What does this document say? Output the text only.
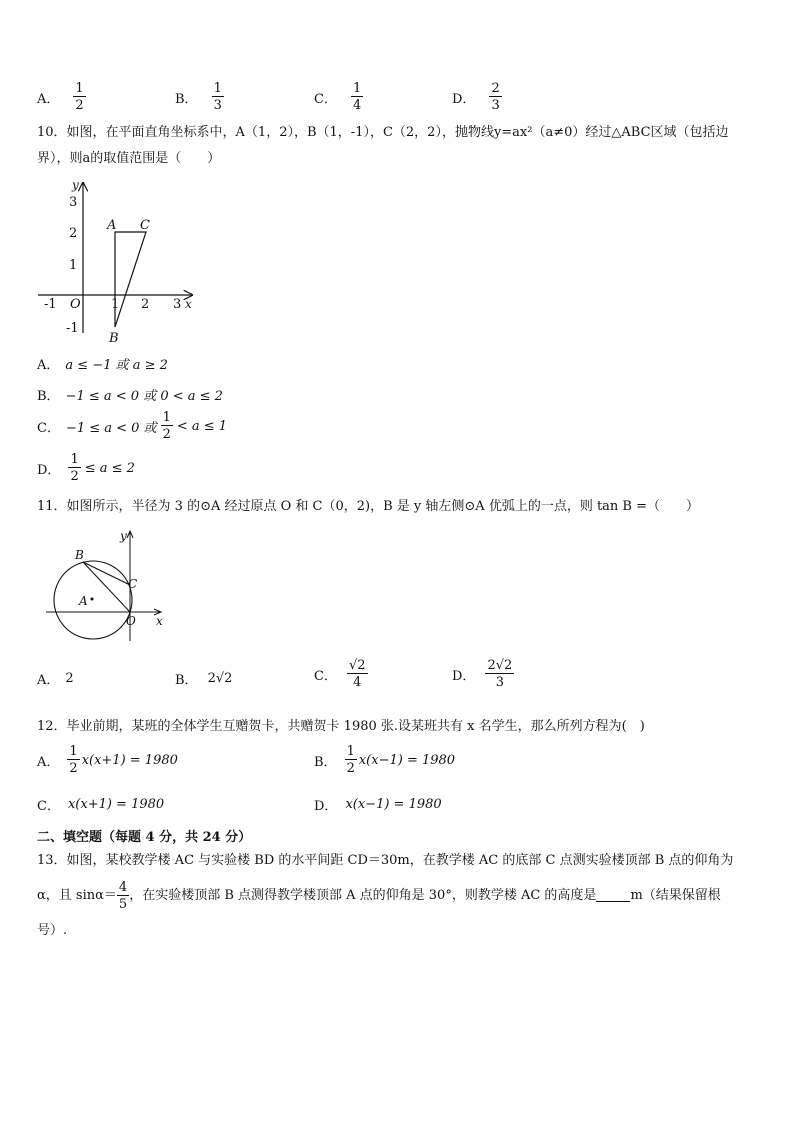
A． $\frac{1}{2}$	B． $\frac{1}{3}$	C． $\frac{1}{4}$	D． $\frac{2}{3}$
10．如图，在平面直角坐标系中，A（1，2），B（1，-1），C（2，2），抛物线y=ax²（a≠0）经过△ABC区域（包括边
界），则a的取值范围是（　　）
y
x
3
2
1
-1
-1 O 1 2 3
A C
B
A． a ≤ −1 或 a ≥ 2
B． −1 ≤ a < 0 或 0 < a ≤ 2
C． −1 ≤ a < 0 或 $\frac{1}{2} < a \le 1$
D． $\frac{1}{2} \le a \le 2$
11．如图所示，半径为 3 的⊙A 经过原点 O 和 C（0，2)，B 是 y 轴左侧⊙A 优弧上的一点，则 tan B =（　　）
y
x
B
C
A
O
A． 2	B． 2√2	C． $\frac{√2}{4}$	D． $\frac{2√2}{3}$
12．毕业前期，某班的全体学生互赠贺卡，共赠贺卡 1980 张.设某班共有 x 名学生，那么所列方程为(　)
A． $\frac{1}{2} x(x+1) = 1980$	B． $\frac{1}{2} x(x-1) = 1980$
C． x(x+1) = 1980	D． x(x−1) = 1980
二、填空题（每题 4 分，共 24 分）
13．如图，某校教学楼 AC 与实验楼 BD 的水平间距 CD＝30m，在教学楼 AC 的底部 C 点测实验楼顶部 B 点的仰角为
α，且 $\sin\alpha= \frac{4}{5}$ ，在实验楼顶部 B 点测得教学楼顶部 A 点的仰角是 30°，则教学楼 AC 的高度是	m（结果保留根
号）.
